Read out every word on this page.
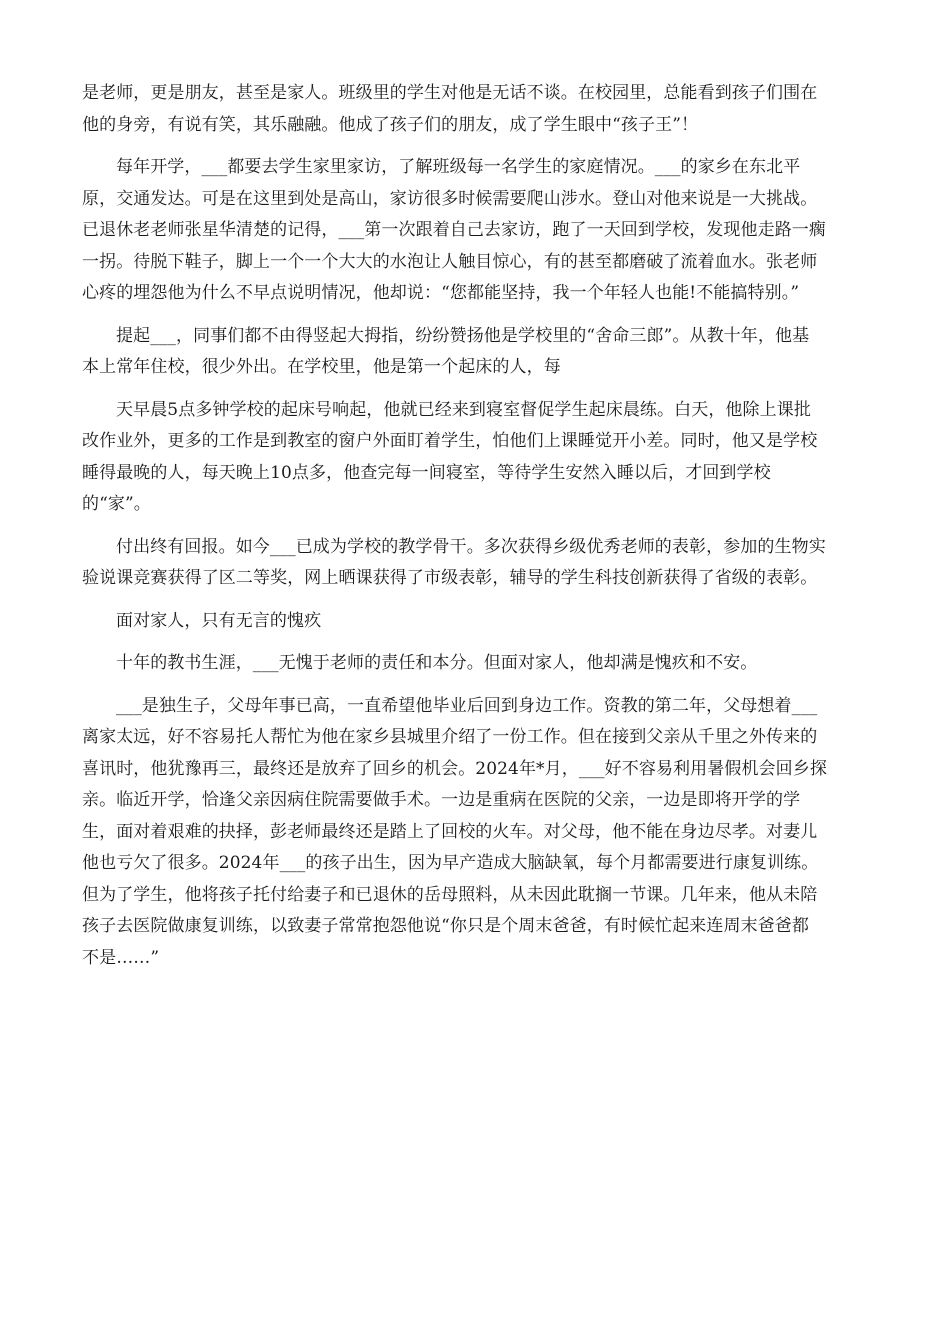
是老师，更是朋友，甚至是家人。班级里的学生对他是无话不谈。在校园里，总能看到孩子们围在
他的身旁，有说有笑，其乐融融。他成了孩子们的朋友，成了学生眼中“孩子王”！
每年开学，___都要去学生家里家访，了解班级每一名学生的家庭情况。___的家乡在东北平
原，交通发达。可是在这里到处是高山，家访很多时候需要爬山涉水。登山对他来说是一大挑战。
已退休老老师张星华清楚的记得，___第一次跟着自己去家访，跑了一天回到学校，发现他走路一瘸
一拐。待脱下鞋子，脚上一个一个大大的水泡让人触目惊心，有的甚至都磨破了流着血水。张老师
心疼的埋怨他为什么不早点说明情况，他却说：“您都能坚持，我一个年轻人也能!不能搞特别。”
提起___，同事们都不由得竖起大拇指，纷纷赞扬他是学校里的“舍命三郎”。从教十年，他基
本上常年住校，很少外出。在学校里，他是第一个起床的人，每
天早晨5点多钟学校的起床号响起，他就已经来到寝室督促学生起床晨练。白天，他除上课批
改作业外，更多的工作是到教室的窗户外面盯着学生，怕他们上课睡觉开小差。同时，他又是学校
睡得最晚的人，每天晚上10点多，他查完每一间寝室，等待学生安然入睡以后，才回到学校
的“家”。
付出终有回报。如今___已成为学校的教学骨干。多次获得乡级优秀老师的表彰，参加的生物实
验说课竞赛获得了区二等奖，网上晒课获得了市级表彰，辅导的学生科技创新获得了省级的表彰。
面对家人，只有无言的愧疚
十年的教书生涯，___无愧于老师的责任和本分。但面对家人，他却满是愧疚和不安。
___是独生子，父母年事已高，一直希望他毕业后回到身边工作。资教的第二年，父母想着___
离家太远，好不容易托人帮忙为他在家乡县城里介绍了一份工作。但在接到父亲从千里之外传来的
喜讯时，他犹豫再三，最终还是放弃了回乡的机会。2024年*月，___好不容易利用暑假机会回乡探
亲。临近开学，恰逢父亲因病住院需要做手术。一边是重病在医院的父亲，一边是即将开学的学
生，面对着艰难的抉择，彭老师最终还是踏上了回校的火车。对父母，他不能在身边尽孝。对妻儿
他也亏欠了很多。2024年___的孩子出生，因为早产造成大脑缺氧，每个月都需要进行康复训练。
但为了学生，他将孩子托付给妻子和已退休的岳母照料，从未因此耽搁一节课。几年来，他从未陪
孩子去医院做康复训练，以致妻子常常抱怨他说“你只是个周末爸爸，有时候忙起来连周末爸爸都
不是……”
